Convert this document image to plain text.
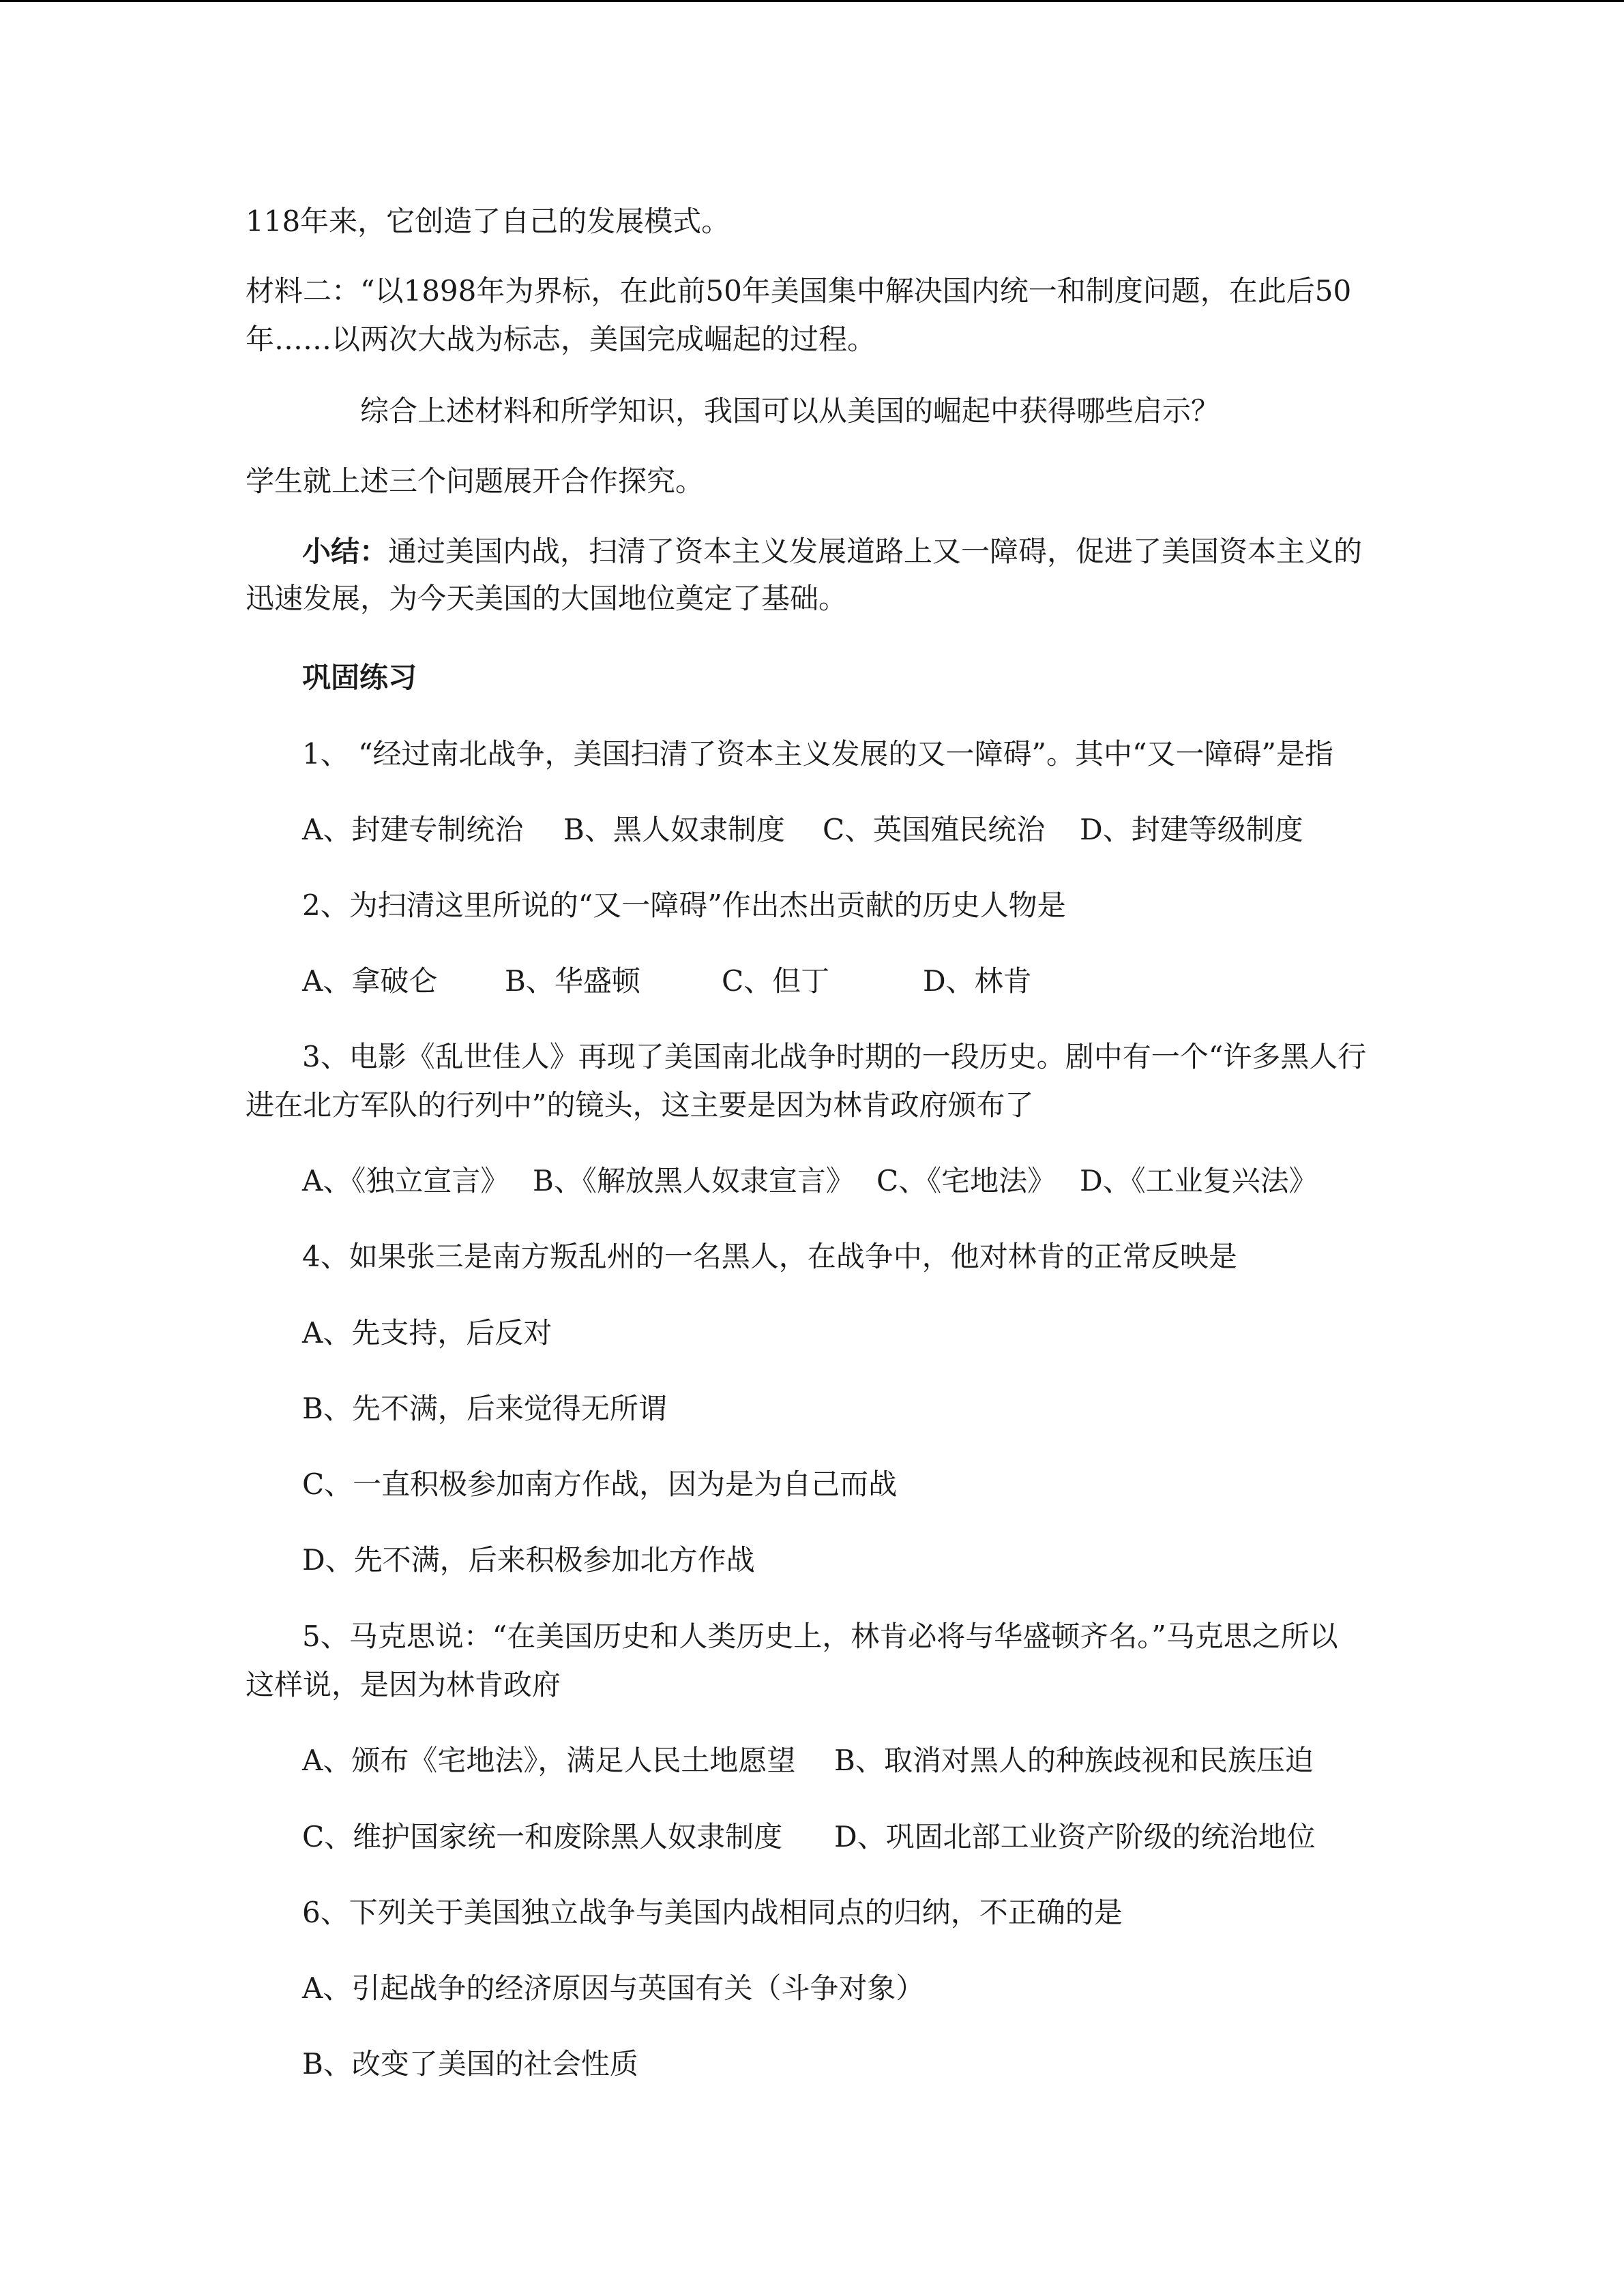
118年来，它创造了自己的发展模式。
材料二：“以1898年为界标，在此前50年美国集中解决国内统一和制度问题，在此后50
年……以两次大战为标志，美国完成崛起的过程。
综合上述材料和所学知识，我国可以从美国的崛起中获得哪些启示？
学生就上述三个问题展开合作探究。
小结：通过美国内战，扫清了资本主义发展道路上又一障碍，促进了美国资本主义的
迅速发展，为今天美国的大国地位奠定了基础。
巩固练习
1、 “经过南北战争，美国扫清了资本主义发展的又一障碍”。其中“又一障碍”是指
A、封建专制统治 B、黑人奴隶制度 C、英国殖民统治 D、封建等级制度
2、为扫清这里所说的“又一障碍”作出杰出贡献的历史人物是
A、拿破仑 B、华盛顿	C、但丁	D、林肯
3、电影《乱世佳人》再现了美国南北战争时期的一段历史。剧中有一个“许多黑人行
进在北方军队的行列中”的镜头，这主要是因为林肯政府颁布了
A、《独立宣言》 B、《解放黑人奴隶宣言》 C、《宅地法》 D、《工业复兴法》
4、如果张三是南方叛乱州的一名黑人，在战争中，他对林肯的正常反映是
A、先支持，后反对
B、先不满，后来觉得无所谓
C、一直积极参加南方作战，因为是为自己而战
D、先不满，后来积极参加北方作战
5、马克思说：“在美国历史和人类历史上，林肯必将与华盛顿齐名。”马克思之所以
这样说，是因为林肯政府
A、颁布《宅地法》，满足人民土地愿望 B、取消对黑人的种族歧视和民族压迫
C、维护国家统一和废除黑人奴隶制度 D、巩固北部工业资产阶级的统治地位
6、下列关于美国独立战争与美国内战相同点的归纳，不正确的是
A、引起战争的经济原因与英国有关（斗争对象）
B、改变了美国的社会性质
